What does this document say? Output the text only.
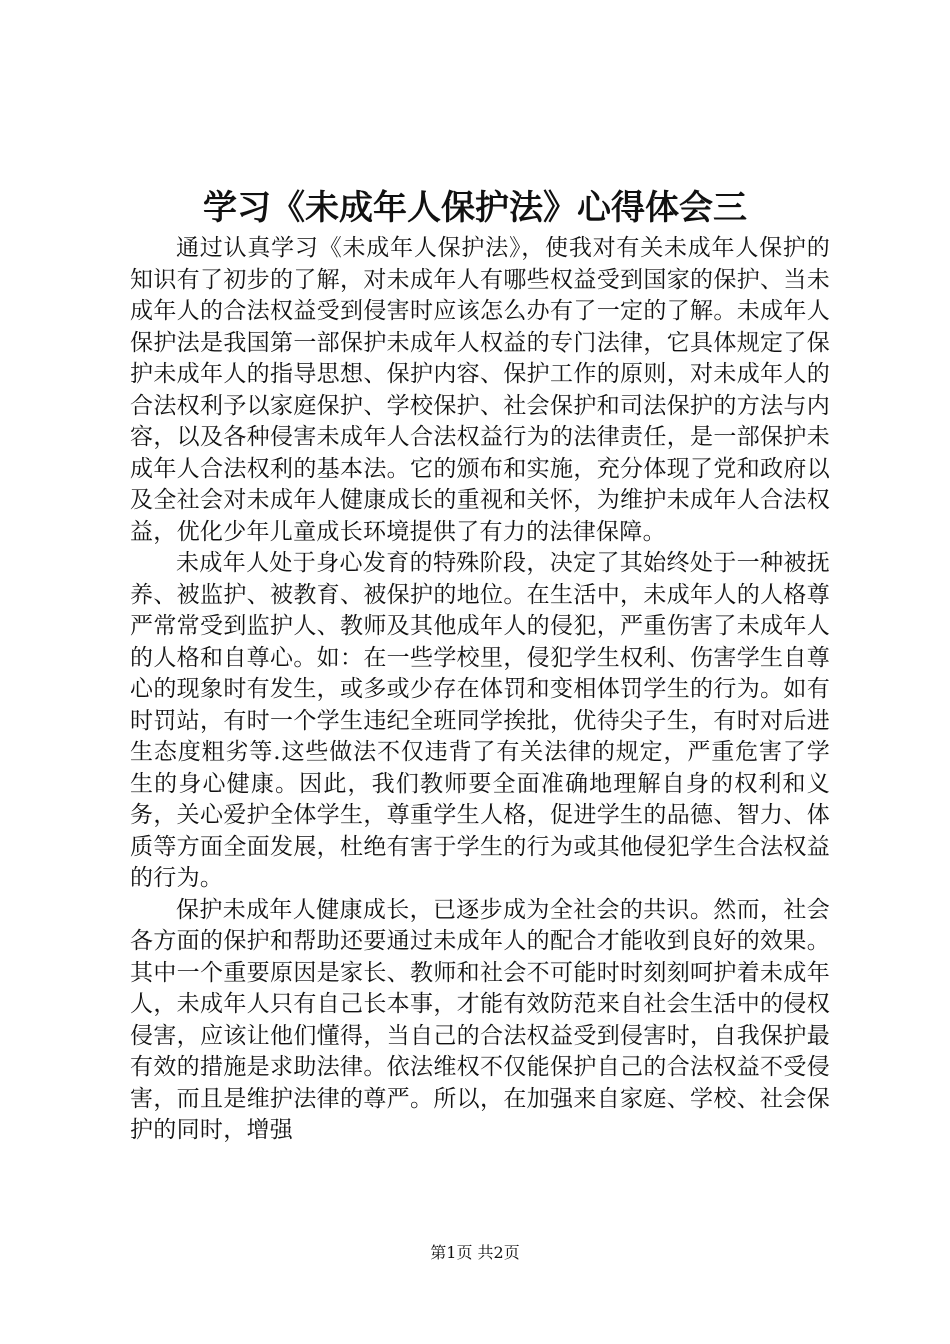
学习《未成年人保护法》心得体会三

通过认真学习《未成年人保护法》，使我对有关未成年人保护的知识有了初步的了解，对未成年人有哪些权益受到国家的保护、当未成年人的合法权益受到侵害时应该怎么办有了一定的了解。未成年人保护法是我国第一部保护未成年人权益的专门法律，它具体规定了保护未成年人的指导思想、保护内容、保护工作的原则，对未成年人的合法权利予以家庭保护、学校保护、社会保护和司法保护的方法与内容，以及各种侵害未成年人合法权益行为的法律责任，是一部保护未成年人合法权利的基本法。它的颁布和实施，充分体现了党和政府以及全社会对未成年人健康成长的重视和关怀，为维护未成年人合法权益，优化少年儿童成长环境提供了有力的法律保障。

未成年人处于身心发育的特殊阶段，决定了其始终处于一种被抚养、被监护、被教育、被保护的地位。在生活中，未成年人的人格尊严常常受到监护人、教师及其他成年人的侵犯，严重伤害了未成年人的人格和自尊心。如：在一些学校里，侵犯学生权利、伤害学生自尊心的现象时有发生，或多或少存在体罚和变相体罚学生的行为。如有时罚站，有时一个学生违纪全班同学挨批，优待尖子生，有时对后进生态度粗劣等.这些做法不仅违背了有关法律的规定，严重危害了学生的身心健康。因此，我们教师要全面准确地理解自身的权利和义务，关心爱护全体学生，尊重学生人格，促进学生的品德、智力、体质等方面全面发展，杜绝有害于学生的行为或其他侵犯学生合法权益的行为。

保护未成年人健康成长，已逐步成为全社会的共识。然而，社会各方面的保护和帮助还要通过未成年人的配合才能收到良好的效果。其中一个重要原因是家长、教师和社会不可能时时刻刻呵护着未成年人，未成年人只有自己长本事，才能有效防范来自社会生活中的侵权侵害，应该让他们懂得，当自己的合法权益受到侵害时，自我保护最有效的措施是求助法律。依法维权不仅能保护自己的合法权益不受侵害，而且是维护法律的尊严。所以，在加强来自家庭、学校、社会保护的同时，增强

第1页 共2页
